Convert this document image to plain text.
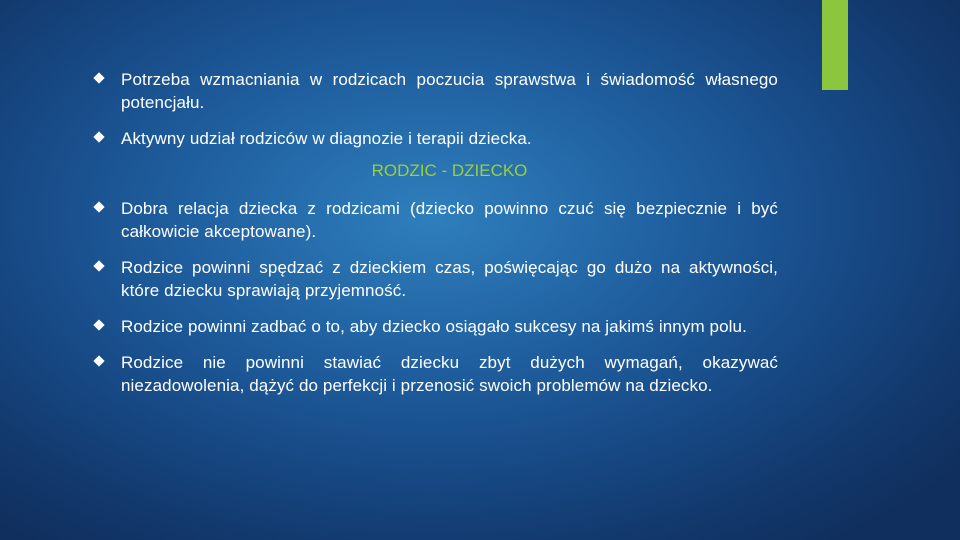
Potrzeba wzmacniania w rodzicach poczucia sprawstwa i świadomość własnego potencjału.
Aktywny udział rodziców w diagnozie i terapii dziecka.
RODZIC - DZIECKO
Dobra relacja dziecka z rodzicami (dziecko powinno czuć się bezpiecznie i być całkowicie akceptowane).
Rodzice powinni spędzać z dzieckiem czas, poświęcając go dużo na aktywności, które dziecku sprawiają przyjemność.
Rodzice powinni zadbać o to, aby dziecko osiągało sukcesy na jakimś innym polu.
Rodzice nie powinni stawiać dziecku zbyt dużych wymagań, okazywać niezadowolenia, dążyć do perfekcji i przenosić swoich problemów na dziecko.
